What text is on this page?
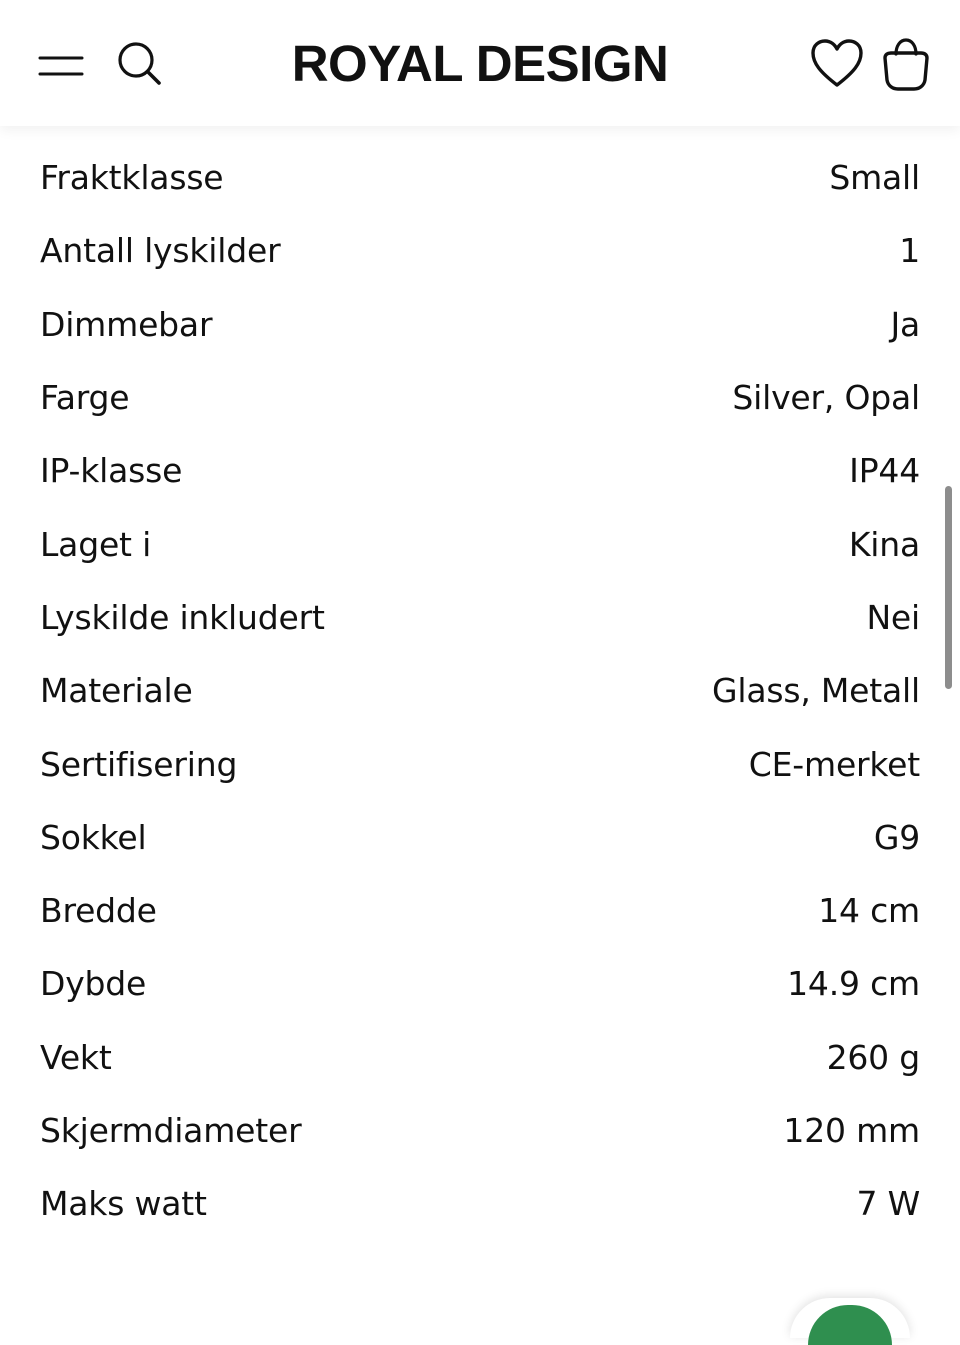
ROYAL DESIGN
Fraktklasse	Small
Antall lyskilder	1
Dimmebar	Ja
Farge	Silver, Opal
IP-klasse	IP44
Laget i	Kina
Lyskilde inkludert	Nei
Materiale	Glass, Metall
Sertifisering	CE-merket
Sokkel	G9
Bredde	14 cm
Dybde	14.9 cm
Vekt	260 g
Skjermdiameter	120 mm
Maks watt	7 W
